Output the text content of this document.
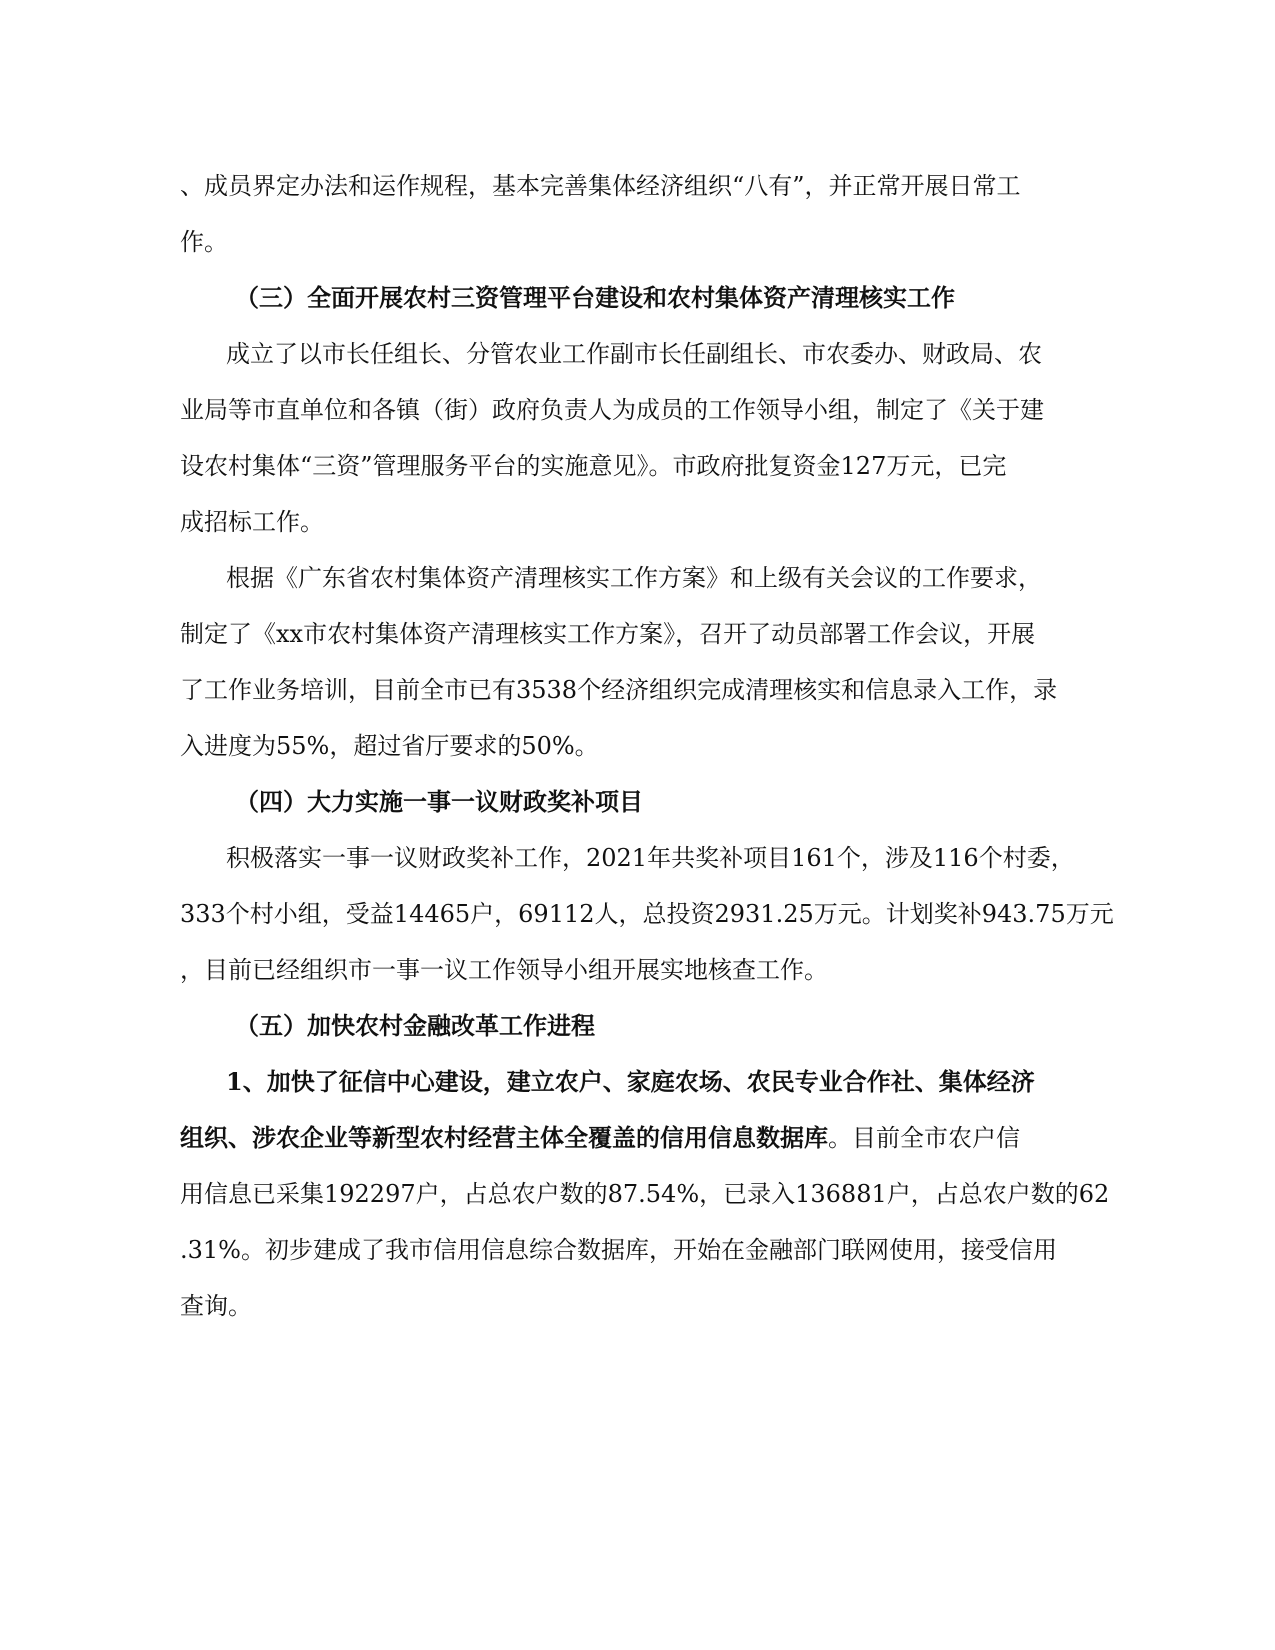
、成员界定办法和运作规程，基本完善集体经济组织“八有”，并正常开展日常工
作。
（三）全面开展农村三资管理平台建设和农村集体资产清理核实工作
成立了以市长任组长、分管农业工作副市长任副组长、市农委办、财政局、农
业局等市直单位和各镇（街）政府负责人为成员的工作领导小组，制定了《关于建
设农村集体“三资”管理服务平台的实施意见》。市政府批复资金127万元，已完
成招标工作。
根据《广东省农村集体资产清理核实工作方案》和上级有关会议的工作要求，
制定了《xx市农村集体资产清理核实工作方案》，召开了动员部署工作会议，开展
了工作业务培训，目前全市已有3538个经济组织完成清理核实和信息录入工作，录
入进度为55%，超过省厅要求的50%。
（四）大力实施一事一议财政奖补项目
积极落实一事一议财政奖补工作，2021年共奖补项目161个，涉及116个村委，
333个村小组，受益14465户，69112人，总投资2931.25万元。计划奖补943.75万元
，目前已经组织市一事一议工作领导小组开展实地核查工作。
（五）加快农村金融改革工作进程
1、加快了征信中心建设，建立农户、家庭农场、农民专业合作社、集体经济
组织、涉农企业等新型农村经营主体全覆盖的信用信息数据库。目前全市农户信
用信息已采集192297户，占总农户数的87.54%，已录入136881户，占总农户数的62
.31%。初步建成了我市信用信息综合数据库，开始在金融部门联网使用，接受信用
查询。
